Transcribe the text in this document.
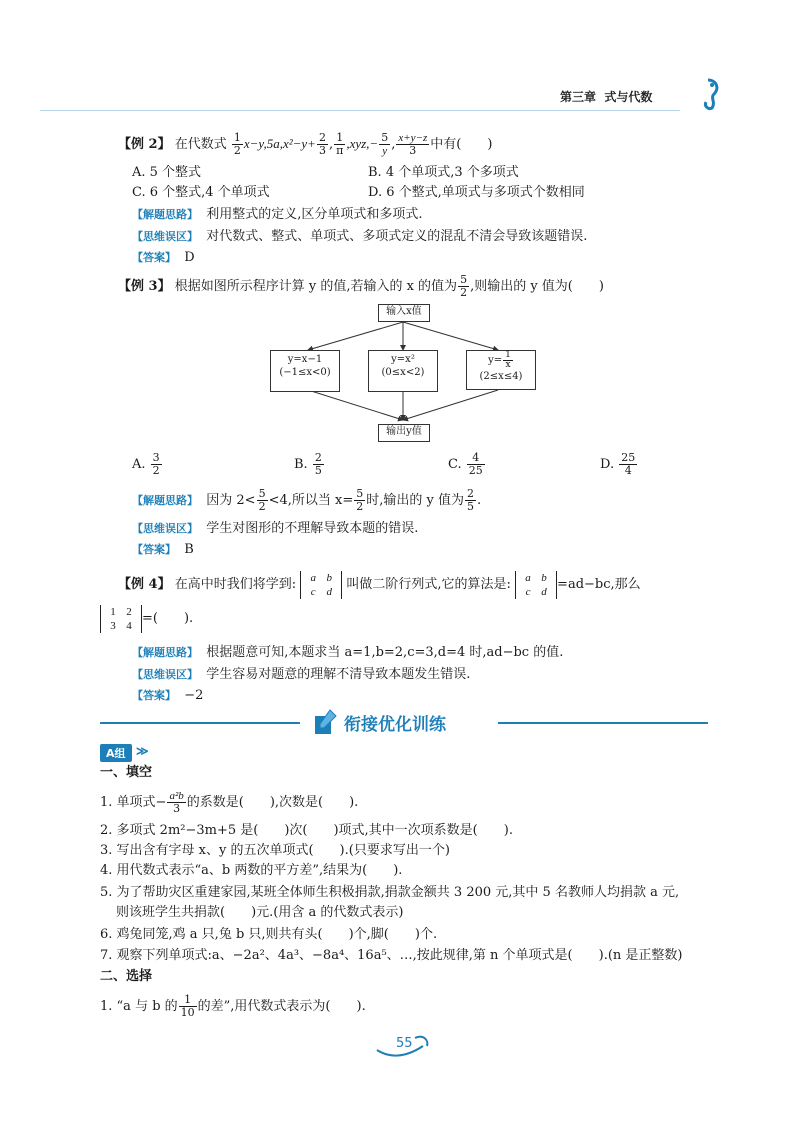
第三章 式与代数
【例 2】 在代数式 $\frac{1}{2} x-y,5a,x^2-y+ \frac{2}{3}$ , $\frac{1}{\pi} ,xyz,- \frac{5}{y}$ , $\frac{x+y-z}{3}$ 中有(　　)
A. 5 个整式	B. 4 个单项式,3 个多项式
C. 6 个整式,4 个单项式	D. 6 个整式,单项式与多项式个数相同
【解题思路】 利用整式的定义,区分单项式和多项式.
【思维误区】 对代数式、整式、单项式、多项式定义的混乱不清会导致该题错误.
【答案】 D
【例 3】 根据如图所示程序计算 y 的值,若输入的 x 的值为 $\frac{5}{2}$ ,则输出的 y 值为(　　)
输入x值
y=x−1
(−1≤x<0)
y=x²
(0≤x<2)
$y= \frac{1}{x}$
(2≤x≤4)
输出y值
A. $\frac{3}{2}$	B. $\frac{2}{5}$	C. $\frac{4}{25}$	D. $\frac{25}{4}$
【解题思路】 因为 $2< \frac{5}{2} <4$,所以当 $x= \frac{5}{2}$ 时,输出的 y 值为 $\frac{2}{5}$ .
【思维误区】 学生对图形的不理解导致本题的错误.
【答案】 B
【例 4】 在高中时我们将学到: a b
c d 叫做二阶行列式,它的算法是: a b
c d =ad−bc,那么
1 2
3 4 =(　　).
【解题思路】 根据题意可知,本题求当 a=1,b=2,c=3,d=4 时,ad−bc 的值.
【思维误区】 学生容易对题意的理解不清导致本题发生错误.
【答案】 −2
衔接优化训练
A组 ≫
一、填空
1. 单项式− $\frac{\text{a²b}}{3}$ 的系数是(　　),次数是(　　).
2. 多项式 2m²−3m+5 是(　　)次(　　)项式,其中一次项系数是(　　).
3. 写出含有字母 x、y 的五次单项式(　　).(只要求写出一个)
4. 用代数式表示“a、b 两数的平方差”,结果为(　　).
5. 为了帮助灾区重建家园,某班全体师生积极捐款,捐款金额共 3 200 元,其中 5 名教师人均捐款 a 元,
则该班学生共捐款(　　)元.(用含 a 的代数式表示)
6. 鸡兔同笼,鸡 a 只,兔 b 只,则共有头(　　)个,脚(　　)个.
7. 观察下列单项式:a、−2a²、4a³、−8a⁴、16a⁵、…,按此规律,第 n 个单项式是(　　).(n 是正整数)
二、选择
1. “a 与 b 的 $\frac{1}{10}$ 的差”,用代数式表示为(　　).
55
